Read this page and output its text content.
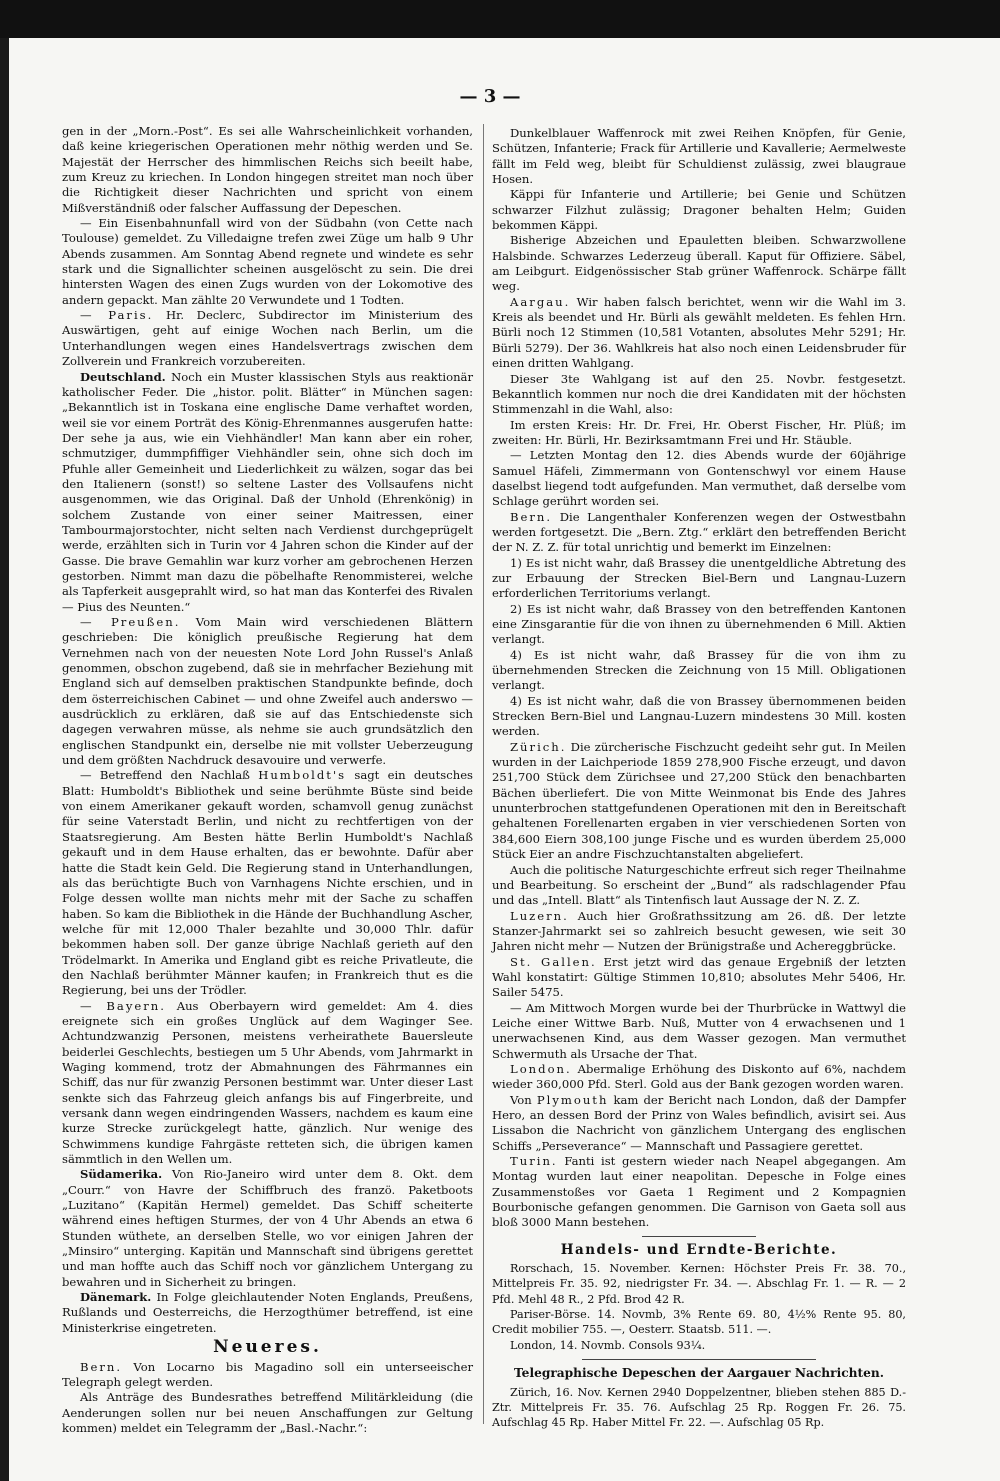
— 3 —

gen in der „Morn.-Post“. Es sei alle Wahrscheinlichkeit vorhanden, daß keine kriegerischen Operationen mehr nöthig werden und Se. Majestät der Herrscher des himmlischen Reichs sich beeilt habe, zum Kreuz zu kriechen. In London hingegen streitet man noch über die Richtigkeit dieser Nachrichten und spricht von einem Mißverständniß oder falscher Auffassung der Depeschen.

— Ein Eisenbahnunfall wird von der Südbahn (von Cette nach Toulouse) gemeldet. Zu Villedaigne trefen zwei Züge um halb 9 Uhr Abends zusammen. Am Sonntag Abend regnete und windete es sehr stark und die Signallichter scheinen ausgelöscht zu sein. Die drei hintersten Wagen des einen Zugs wurden von der Lokomotive des andern gepackt. Man zählte 20 Verwundete und 1 Todten.

— Paris. Hr. Declerc, Subdirector im Ministerium des Auswärtigen, geht auf einige Wochen nach Berlin, um die Unterhandlungen wegen eines Handelsvertrags zwischen dem Zollverein und Frankreich vorzubereiten.

Deutschland. Noch ein Muster klassischen Styls aus reaktionär katholischer Feder. Die „histor. polit. Blätter“ in München sagen: „Bekanntlich ist in Toskana eine englische Dame verhaftet worden, weil sie vor einem Porträt des König-Ehrenmannes ausgerufen hatte: Der sehe ja aus, wie ein Viehhändler! Man kann aber ein roher, schmutziger, dummpfiffiger Viehhändler sein, ohne sich doch im Pfuhle aller Gemeinheit und Liederlichkeit zu wälzen, sogar das bei den Italienern (sonst!) so seltene Laster des Vollsaufens nicht ausgenommen, wie das Original. Daß der Unhold (Ehrenkönig) in solchem Zustande von einer seiner Maitressen, einer Tambourmajorstochter, nicht selten nach Verdienst durchgeprügelt werde, erzählten sich in Turin vor 4 Jahren schon die Kinder auf der Gasse. Die brave Gemahlin war kurz vorher am gebrochenen Herzen gestorben. Nimmt man dazu die pöbelhafte Renommisterei, welche als Tapferkeit ausgeprahlt wird, so hat man das Konterfei des Rivalen — Pius des Neunten.“

— Preußen. Vom Main wird verschiedenen Blättern geschrieben: Die königlich preußische Regierung hat dem Vernehmen nach von der neuesten Note Lord John Russel's Anlaß genommen, obschon zugebend, daß sie in mehrfacher Beziehung mit England sich auf demselben praktischen Standpunkte befinde, doch dem österreichischen Cabinet — und ohne Zweifel auch anderswo — ausdrücklich zu erklären, daß sie auf das Entschiedenste sich dagegen verwahren müsse, als nehme sie auch grundsätzlich den englischen Standpunkt ein, derselbe nie mit vollster Ueberzeugung und dem größten Nachdruck desavouire und verwerfe.

— Betreffend den Nachlaß Humboldt's sagt ein deutsches Blatt: Humboldt's Bibliothek und seine berühmte Büste sind beide von einem Amerikaner gekauft worden, schamvoll genug zunächst für seine Vaterstadt Berlin, und nicht zu rechtfertigen von der Staatsregierung. Am Besten hätte Berlin Humboldt's Nachlaß gekauft und in dem Hause erhalten, das er bewohnte. Dafür aber hatte die Stadt kein Geld. Die Regierung stand in Unterhandlungen, als das berüchtigte Buch von Varnhagens Nichte erschien, und in Folge dessen wollte man nichts mehr mit der Sache zu schaffen haben. So kam die Bibliothek in die Hände der Buchhandlung Ascher, welche für mit 12,000 Thaler bezahlte und 30,000 Thlr. dafür bekommen haben soll. Der ganze übrige Nachlaß gerieth auf den Trödelmarkt. In Amerika und England gibt es reiche Privatleute, die den Nachlaß berühmter Männer kaufen; in Frankreich thut es die Regierung, bei uns der Trödler.

— Bayern. Aus Oberbayern wird gemeldet: Am 4. dies ereignete sich ein großes Unglück auf dem Waginger See. Achtundzwanzig Personen, meistens verheirathete Bauersleute beiderlei Geschlechts, bestiegen um 5 Uhr Abends, vom Jahrmarkt in Waging kommend, trotz der Abmahnungen des Fährmannes ein Schiff, das nur für zwanzig Personen bestimmt war. Unter dieser Last senkte sich das Fahrzeug gleich anfangs bis auf Fingerbreite, und versank dann wegen eindringenden Wassers, nachdem es kaum eine kurze Strecke zurückgelegt hatte, gänzlich. Nur wenige des Schwimmens kundige Fahrgäste retteten sich, die übrigen kamen sämmtlich in den Wellen um.

Südamerika. Von Rio-Janeiro wird unter dem 8. Okt. dem „Courr.“ von Havre der Schiffbruch des franzö. Paketboots „Luzitano“ (Kapitän Hermel) gemeldet. Das Schiff scheiterte während eines heftigen Sturmes, der von 4 Uhr Abends an etwa 6 Stunden wüthete, an derselben Stelle, wo vor einigen Jahren der „Minsiro“ unterging. Kapitän und Mannschaft sind übrigens gerettet und man hoffte auch das Schiff noch vor gänzlichem Untergang zu bewahren und in Sicherheit zu bringen.

Dänemark. In Folge gleichlautender Noten Englands, Preußens, Rußlands und Oesterreichs, die Herzogthümer betreffend, ist eine Ministerkrise eingetreten.

Neueres.

Bern. Von Locarno bis Magadino soll ein unterseeischer Telegraph gelegt werden.

Als Anträge des Bundesrathes betreffend Militärkleidung (die Aenderungen sollen nur bei neuen Anschaffungen zur Geltung kommen) meldet ein Telegramm der „Basl.-Nachr.“:

Dunkelblauer Waffenrock mit zwei Reihen Knöpfen, für Genie, Schützen, Infanterie; Frack für Artillerie und Kavallerie; Aermelweste fällt im Feld weg, bleibt für Schuldienst zulässig, zwei blaugraue Hosen.

Käppi für Infanterie und Artillerie; bei Genie und Schützen schwarzer Filzhut zulässig; Dragoner behalten Helm; Guiden bekommen Käppi.

Bisherige Abzeichen und Epauletten bleiben. Schwarzwollene Halsbinde. Schwarzes Lederzeug überall. Kaput für Offiziere. Säbel, am Leibgurt. Eidgenössischer Stab grüner Waffenrock. Schärpe fällt weg.

Aargau. Wir haben falsch berichtet, wenn wir die Wahl im 3. Kreis als beendet und Hr. Bürli als gewählt meldeten. Es fehlen Hrn. Bürli noch 12 Stimmen (10,581 Votanten, absolutes Mehr 5291; Hr. Bürli 5279). Der 36. Wahlkreis hat also noch einen Leidensbruder für einen dritten Wahlgang.

Dieser 3te Wahlgang ist auf den 25. Novbr. festgesetzt. Bekanntlich kommen nur noch die drei Kandidaten mit der höchsten Stimmenzahl in die Wahl, also:

Im ersten Kreis: Hr. Dr. Frei, Hr. Oberst Fischer, Hr. Plüß; im zweiten: Hr. Bürli, Hr. Bezirksamtmann Frei und Hr. Stäuble.

— Letzten Montag den 12. dies Abends wurde der 60jährige Samuel Häfeli, Zimmermann von Gontenschwyl vor einem Hause daselbst liegend todt aufgefunden. Man vermuthet, daß derselbe vom Schlage gerührt worden sei.

Bern. Die Langenthaler Konferenzen wegen der Ostwestbahn werden fortgesetzt. Die „Bern. Ztg.“ erklärt den betreffenden Bericht der N. Z. Z. für total unrichtig und bemerkt im Einzelnen:

1) Es ist nicht wahr, daß Brassey die unentgeldliche Abtretung des zur Erbauung der Strecken Biel-Bern und Langnau-Luzern erforderlichen Territoriums verlangt.

2) Es ist nicht wahr, daß Brassey von den betreffenden Kantonen eine Zinsgarantie für die von ihnen zu übernehmenden 6 Mill. Aktien verlangt.

4) Es ist nicht wahr, daß Brassey für die von ihm zu übernehmenden Strecken die Zeichnung von 15 Mill. Obligationen verlangt.

4) Es ist nicht wahr, daß die von Brassey übernommenen beiden Strecken Bern-Biel und Langnau-Luzern mindestens 30 Mill. kosten werden.

Zürich. Die zürcherische Fischzucht gedeiht sehr gut. In Meilen wurden in der Laichperiode 1859 278,900 Fische erzeugt, und davon 251,700 Stück dem Zürichsee und 27,200 Stück den benachbarten Bächen überliefert. Die von Mitte Weinmonat bis Ende des Jahres ununterbrochen stattgefundenen Operationen mit den in Bereitschaft gehaltenen Forellenarten ergaben in vier verschiedenen Sorten von 384,600 Eiern 308,100 junge Fische und es wurden überdem 25,000 Stück Eier an andre Fischzuchtanstalten abgeliefert.

Auch die politische Naturgeschichte erfreut sich reger Theilnahme und Bearbeitung. So erscheint der „Bund“ als radschlagender Pfau und das „Intell. Blatt“ als Tintenfisch laut Aussage der N. Z. Z.

Luzern. Auch hier Großrathssitzung am 26. dß. Der letzte Stanzer-Jahrmarkt sei so zahlreich besucht gewesen, wie seit 30 Jahren nicht mehr — Nutzen der Brünigstraße und Achereggbrücke.

St. Gallen. Erst jetzt wird das genaue Ergebniß der letzten Wahl konstatirt: Gültige Stimmen 10,810; absolutes Mehr 5406, Hr. Sailer 5475.

— Am Mittwoch Morgen wurde bei der Thurbrücke in Wattwyl die Leiche einer Wittwe Barb. Nuß, Mutter von 4 erwachsenen und 1 unerwachsenen Kind, aus dem Wasser gezogen. Man vermuthet Schwermuth als Ursache der That.

London. Abermalige Erhöhung des Diskonto auf 6%, nachdem wieder 360,000 Pfd. Sterl. Gold aus der Bank gezogen worden waren.

Von Plymouth kam der Bericht nach London, daß der Dampfer Hero, an dessen Bord der Prinz von Wales befindlich, avisirt sei. Aus Lissabon die Nachricht von gänzlichem Untergang des englischen Schiffs „Perseverance“ — Mannschaft und Passagiere gerettet.

Turin. Fanti ist gestern wieder nach Neapel abgegangen. Am Montag wurden laut einer neapolitan. Depesche in Folge eines Zusammenstoßes vor Gaeta 1 Regiment und 2 Kompagnien Bourbonische gefangen genommen. Die Garnison von Gaeta soll aus bloß 3000 Mann bestehen.

Handels- und Erndte-Berichte.

Rorschach, 15. November. Kernen: Höchster Preis Fr. 38. 70., Mittelpreis Fr. 35. 92, niedrigster Fr. 34. —. Abschlag Fr. 1. — R. — 2 Pfd. Mehl 48 R., 2 Pfd. Brod 42 R.

Pariser-Börse. 14. Novmb, 3% Rente 69. 80, 4½% Rente 95. 80, Credit mobilier 755. —, Oesterr. Staatsb. 511. —.

London, 14. Novmb. Consols 93¼.

Telegraphische Depeschen der Aargauer Nachrichten.

Zürich, 16. Nov. Kernen 2940 Doppelzentner, blieben stehen 885 D.-Ztr. Mittelpreis Fr. 35. 76. Aufschlag 25 Rp. Roggen Fr. 26. 75. Aufschlag 45 Rp. Haber Mittel Fr. 22. —. Aufschlag 05 Rp.
